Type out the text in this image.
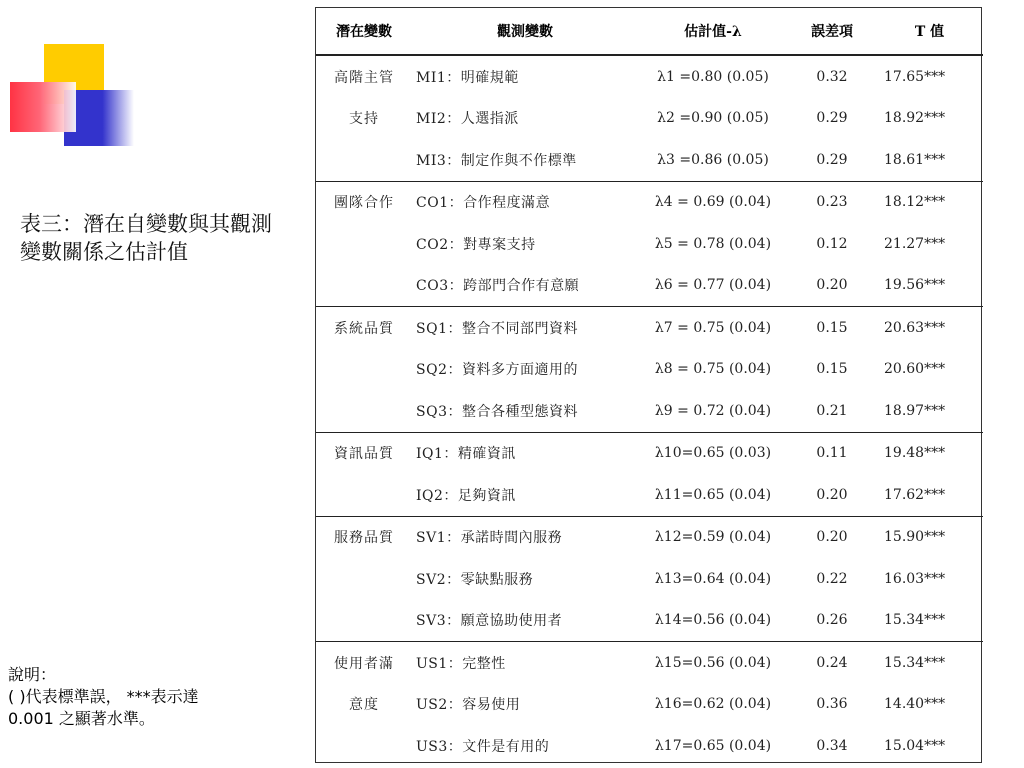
表三：潛在自變數與其觀測變數關係之估計值
說明：
( )代表標準誤， ***表示達
0.001 之顯著水準。
潛在變數	觀測變數	估計值-λ	誤差項	T 值
高階主管	MI1：明確規範	λ1 =0.80 (0.05)	0.32	17.65***
支持	MI2：人選指派	λ2 =0.90 (0.05)	0.29	18.92***
	MI3：制定作與不作標準	λ3 =0.86 (0.05)	0.29	18.61***
團隊合作	CO1：合作程度滿意	λ4 = 0.69 (0.04)	0.23	18.12***
	CO2：對專案支持	λ5 = 0.78 (0.04)	0.12	21.27***
	CO3：跨部門合作有意願	λ6 = 0.77 (0.04)	0.20	19.56***
系統品質	SQ1：整合不同部門資料	λ7 = 0.75 (0.04)	0.15	20.63***
	SQ2：資料多方面適用的	λ8 = 0.75 (0.04)	0.15	20.60***
	SQ3：整合各種型態資料	λ9 = 0.72 (0.04)	0.21	18.97***
資訊品質	IQ1：精確資訊	λ10=0.65 (0.03)	0.11	19.48***
	IQ2：足夠資訊	λ11=0.65 (0.04)	0.20	17.62***
服務品質	SV1：承諾時間內服務	λ12=0.59 (0.04)	0.20	15.90***
	SV2：零缺點服務	λ13=0.64 (0.04)	0.22	16.03***
	SV3：願意協助使用者	λ14=0.56 (0.04)	0.26	15.34***
使用者滿	US1：完整性	λ15=0.56 (0.04)	0.24	15.34***
意度	US2：容易使用	λ16=0.62 (0.04)	0.36	14.40***
	US3：文件是有用的	λ17=0.65 (0.04)	0.34	15.04***
